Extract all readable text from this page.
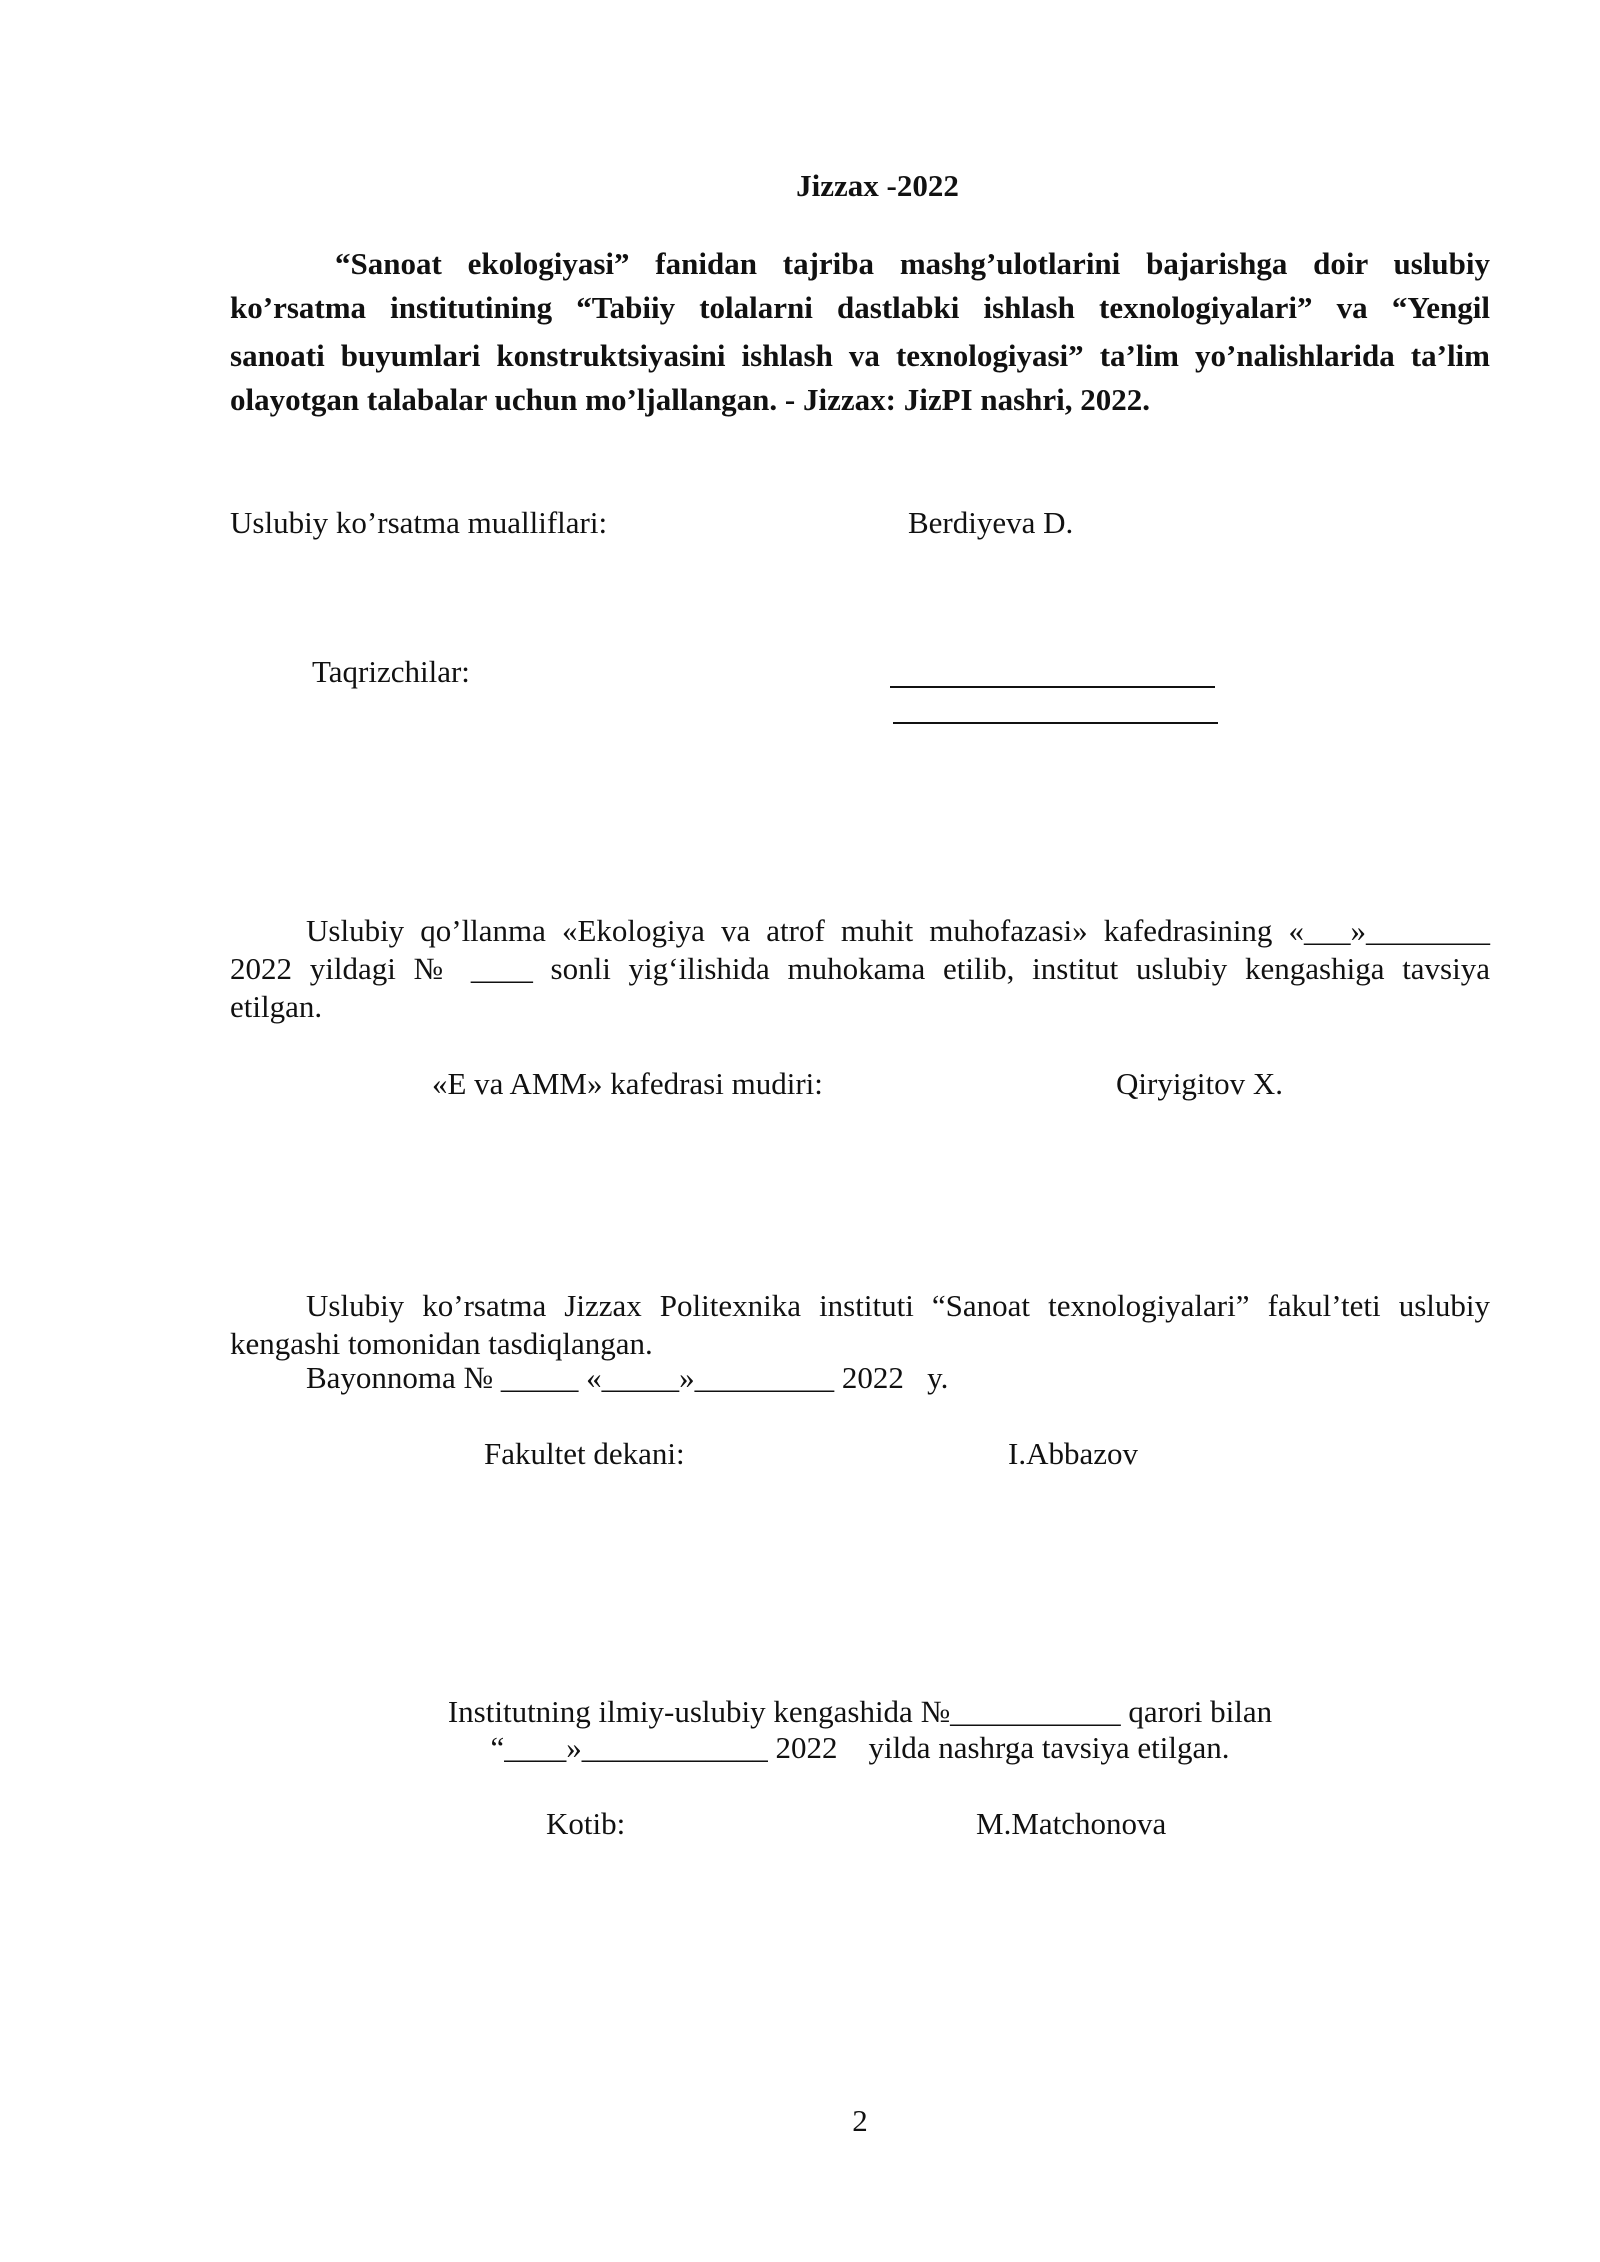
Jizzax -2022
“Sanoat ekologiyasi” fanidan tajriba mashg’ulotlarini bajarishga doir uslubiy
ko’rsatma institutining “Tabiiy tolalarni dastlabki ishlash texnologiyalari” va “Yengil
sanoati buyumlari konstruktsiyasini ishlash va texnologiyasi” ta’lim yo’nalishlarida ta’lim
olayotgan talabalar uchun mo’ljallangan. - Jizzax: JizPI nashri, 2022.
Uslubiy ko’rsatma mualliflari:	Berdiyeva D.
Taqrizchilar:
Uslubiy qo’llanma «Ekologiya va atrof muhit muhofazasi» kafedrasining «___»________
2022 yildagi № ____ sonli yig‘ilishida muhokama etilib, institut uslubiy kengashiga tavsiya
etilgan.
«E va AMM» kafedrasi mudiri:	Qiryigitov X.
Uslubiy ko’rsatma Jizzax Politexnika instituti “Sanoat texnologiyalari” fakul’teti uslubiy
kengashi tomonidan tasdiqlangan.
Bayonnoma № _____ «_____»_________ 2022   y.
Fakultet dekani:	I.Abbazov
Institutning ilmiy-uslubiy kengashida №___________ qarori bilan
“____»____________ 2022    yilda nashrga tavsiya etilgan.
Kotib:	M.Matchonova
2
